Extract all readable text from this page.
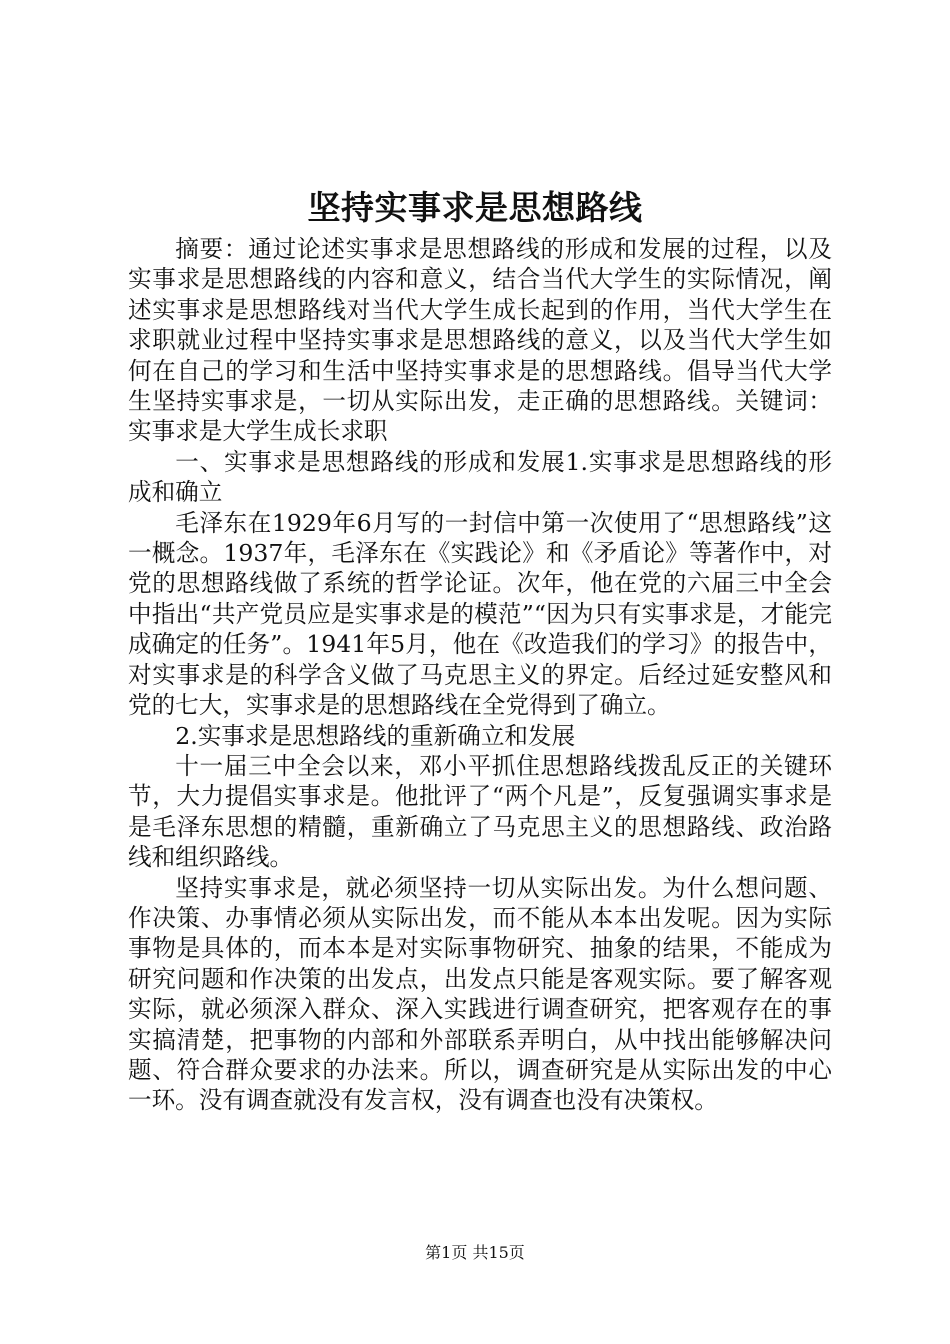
坚持实事求是思想路线

摘要：通过论述实事求是思想路线的形成和发展的过程，以及实事求是思想路线的内容和意义，结合当代大学生的实际情况，阐述实事求是思想路线对当代大学生成长起到的作用，当代大学生在求职就业过程中坚持实事求是思想路线的意义，以及当代大学生如何在自己的学习和生活中坚持实事求是的思想路线。倡导当代大学生坚持实事求是，一切从实际出发，走正确的思想路线。关键词：实事求是大学生成长求职

一、实事求是思想路线的形成和发展1.实事求是思想路线的形成和确立

毛泽东在1929年6月写的一封信中第一次使用了“思想路线”这一概念。1937年，毛泽东在《实践论》和《矛盾论》等著作中，对党的思想路线做了系统的哲学论证。次年，他在党的六届三中全会中指出“共产党员应是实事求是的模范”“因为只有实事求是，才能完成确定的任务”。1941年5月，他在《改造我们的学习》的报告中，对实事求是的科学含义做了马克思主义的界定。后经过延安整风和党的七大，实事求是的思想路线在全党得到了确立。

2.实事求是思想路线的重新确立和发展

十一届三中全会以来，邓小平抓住思想路线拨乱反正的关键环节，大力提倡实事求是。他批评了“两个凡是”，反复强调实事求是是毛泽东思想的精髓，重新确立了马克思主义的思想路线、政治路线和组织路线。

坚持实事求是，就必须坚持一切从实际出发。为什么想问题、作决策、办事情必须从实际出发，而不能从本本出发呢。因为实际事物是具体的，而本本是对实际事物研究、抽象的结果，不能成为研究问题和作决策的出发点，出发点只能是客观实际。要了解客观实际，就必须深入群众、深入实践进行调查研究，把客观存在的事实搞清楚，把事物的内部和外部联系弄明白，从中找出能够解决问题、符合群众要求的办法来。所以，调查研究是从实际出发的中心一环。没有调查就没有发言权，没有调查也没有决策权。

第1页 共15页
